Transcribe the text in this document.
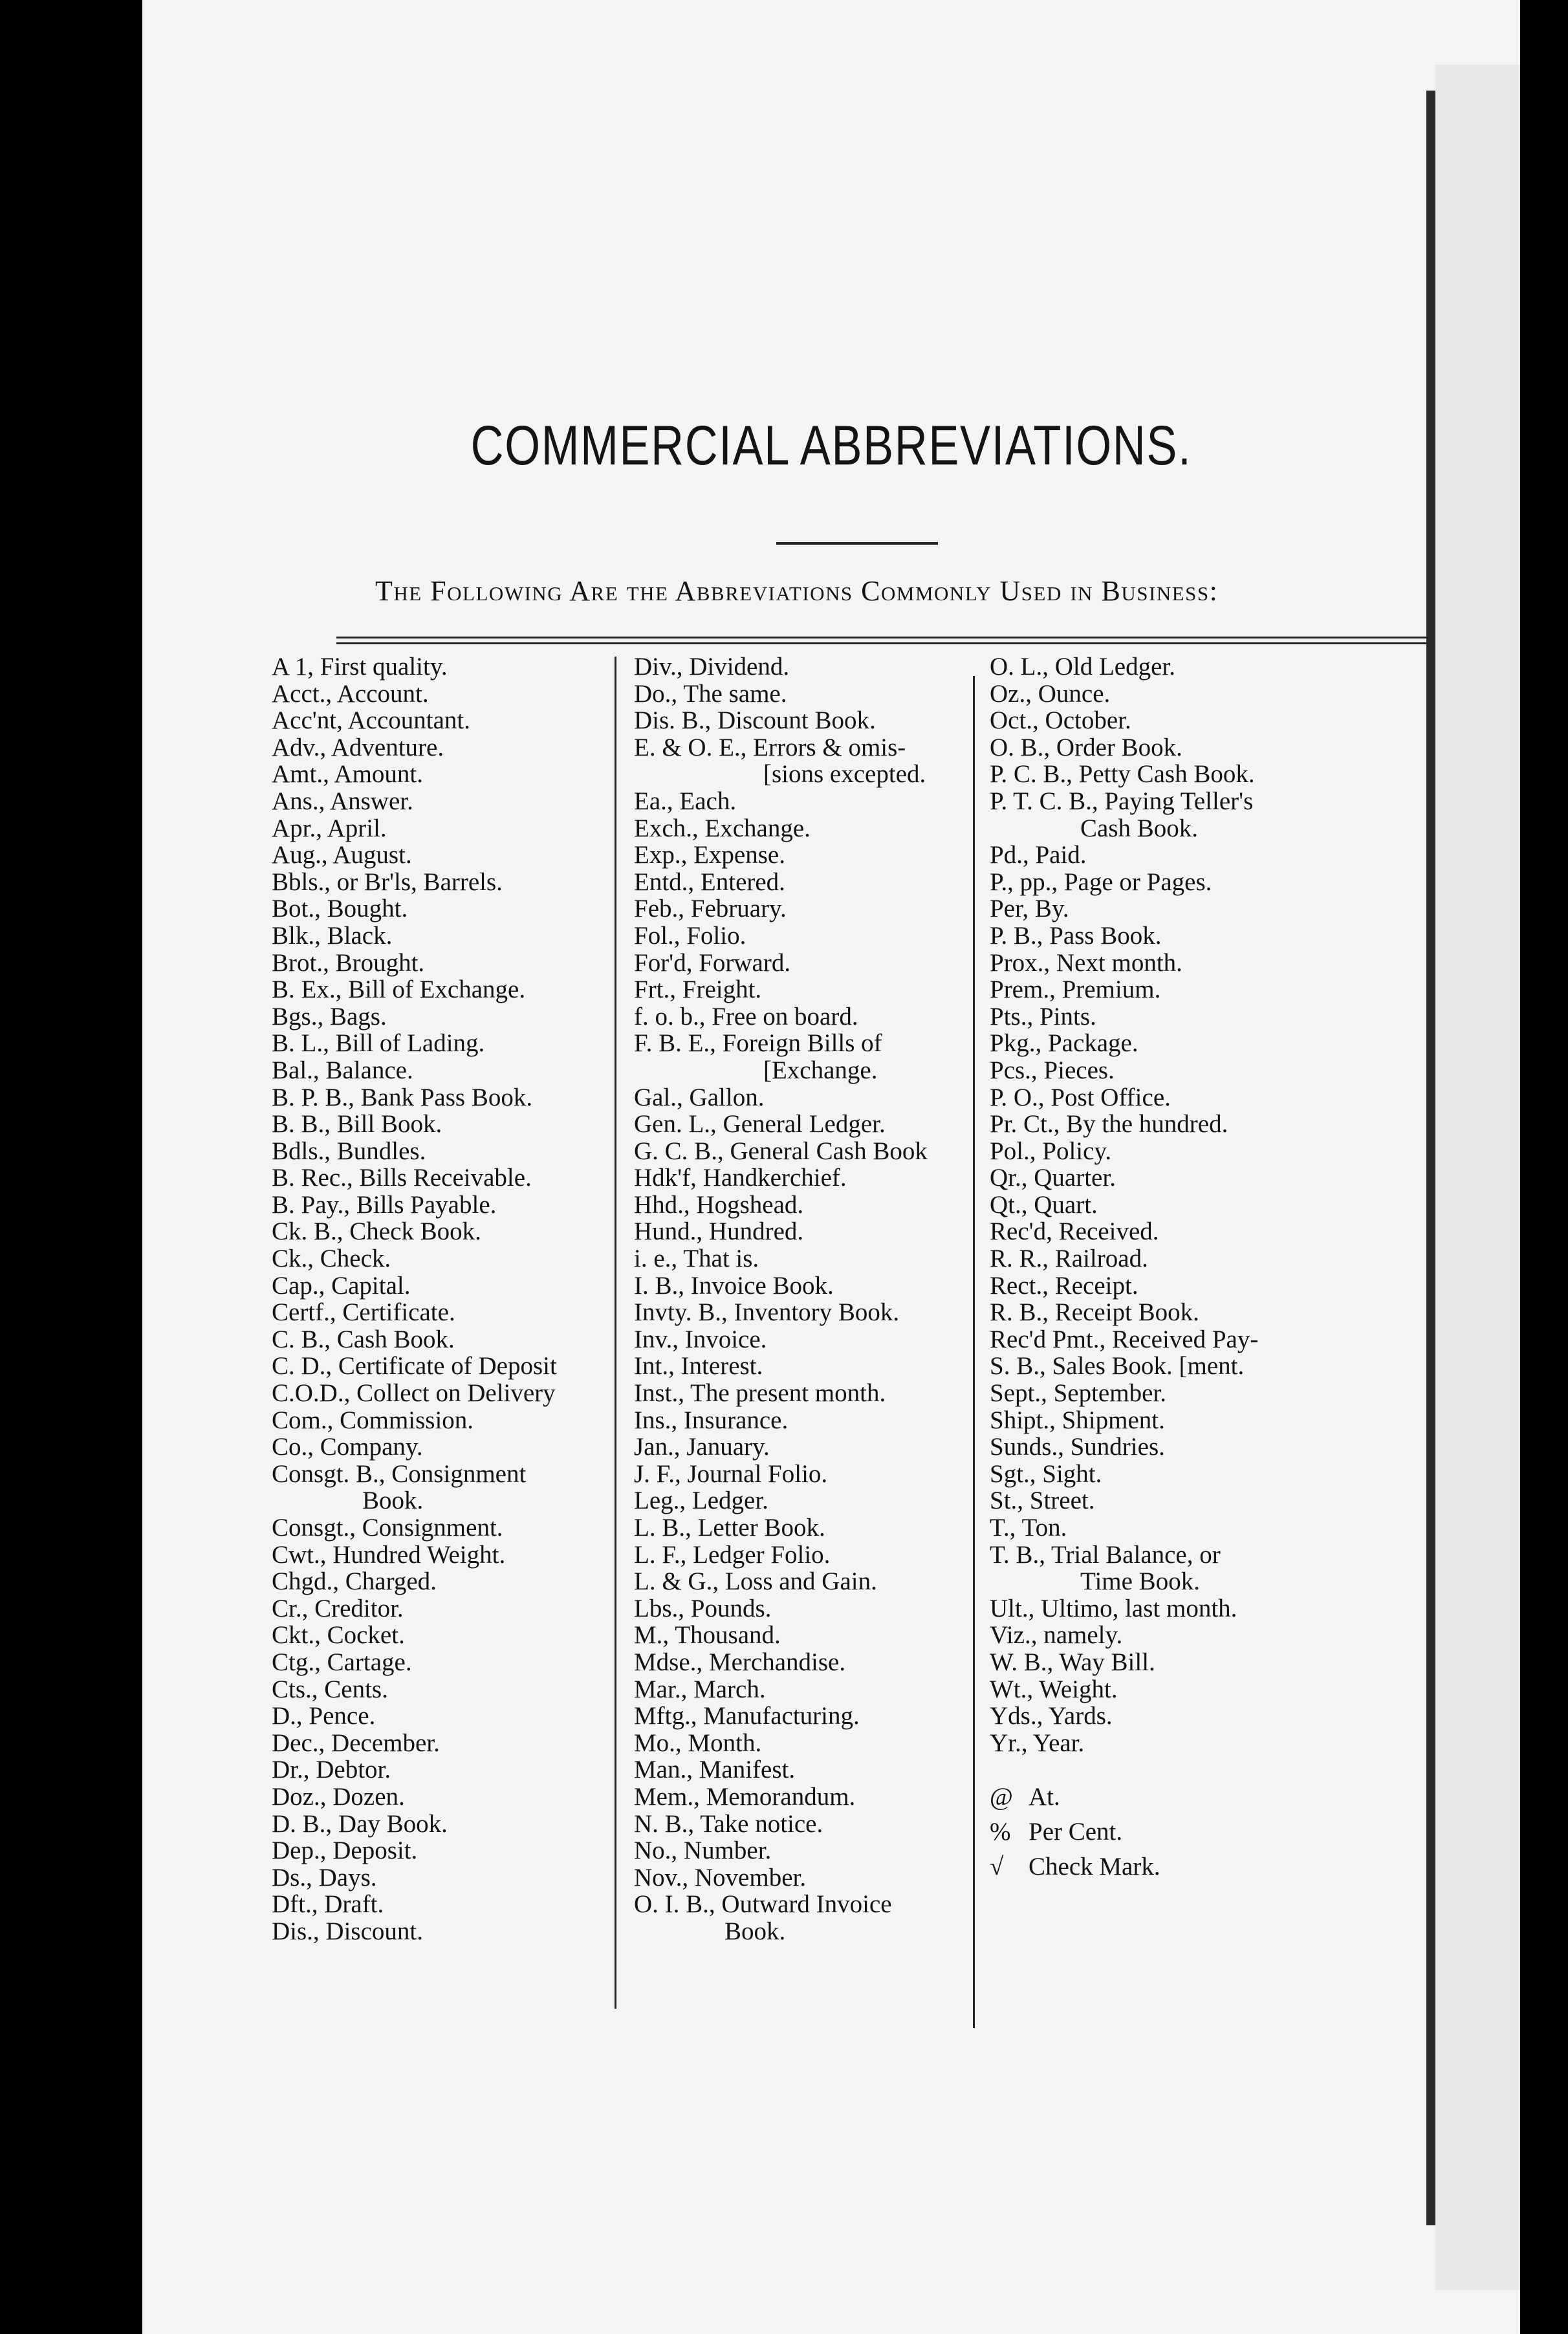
COMMERCIAL ABBREVIATIONS.
The Following Are the Abbreviations Commonly Used in Business:
A 1, First quality.
Acct., Account.
Acc'nt, Accountant.
Adv., Adventure.
Amt., Amount.
Ans., Answer.
Apr., April.
Aug., August.
Bbls., or Br'ls, Barrels.
Bot., Bought.
Blk., Black.
Brot., Brought.
B. Ex., Bill of Exchange.
Bgs., Bags.
B. L., Bill of Lading.
Bal., Balance.
B. P. B., Bank Pass Book.
B. B., Bill Book.
Bdls., Bundles.
B. Rec., Bills Receivable.
B. Pay., Bills Payable.
Ck. B., Check Book.
Ck., Check.
Cap., Capital.
Certf., Certificate.
C. B., Cash Book.
C. D., Certificate of Deposit
C.O.D., Collect on Delivery
Com., Commission.
Co., Company.
Consgt. B., Consignment
Book.
Consgt., Consignment.
Cwt., Hundred Weight.
Chgd., Charged.
Cr., Creditor.
Ckt., Cocket.
Ctg., Cartage.
Cts., Cents.
D., Pence.
Dec., December.
Dr., Debtor.
Doz., Dozen.
D. B., Day Book.
Dep., Deposit.
Ds., Days.
Dft., Draft.
Dis., Discount.
Div., Dividend.
Do., The same.
Dis. B., Discount Book.
E. & O. E., Errors & omis-
[sions excepted.
Ea., Each.
Exch., Exchange.
Exp., Expense.
Entd., Entered.
Feb., February.
Fol., Folio.
For'd, Forward.
Frt., Freight.
f. o. b., Free on board.
F. B. E., Foreign Bills of
[Exchange.
Gal., Gallon.
Gen. L., General Ledger.
G. C. B., General Cash Book
Hdk'f, Handkerchief.
Hhd., Hogshead.
Hund., Hundred.
i. e., That is.
I. B., Invoice Book.
Invty. B., Inventory Book.
Inv., Invoice.
Int., Interest.
Inst., The present month.
Ins., Insurance.
Jan., January.
J. F., Journal Folio.
Leg., Ledger.
L. B., Letter Book.
L. F., Ledger Folio.
L. & G., Loss and Gain.
Lbs., Pounds.
M., Thousand.
Mdse., Merchandise.
Mar., March.
Mftg., Manufacturing.
Mo., Month.
Man., Manifest.
Mem., Memorandum.
N. B., Take notice.
No., Number.
Nov., November.
O. I. B., Outward Invoice
Book.
O. L., Old Ledger.
Oz., Ounce.
Oct., October.
O. B., Order Book.
P. C. B., Petty Cash Book.
P. T. C. B., Paying Teller's
Cash Book.
Pd., Paid.
P., pp., Page or Pages.
Per, By.
P. B., Pass Book.
Prox., Next month.
Prem., Premium.
Pts., Pints.
Pkg., Package.
Pcs., Pieces.
P. O., Post Office.
Pr. Ct., By the hundred.
Pol., Policy.
Qr., Quarter.
Qt., Quart.
Rec'd, Received.
R. R., Railroad.
Rect., Receipt.
R. B., Receipt Book.
Rec'd Pmt., Received Pay-
S. B., Sales Book. [ment.
Sept., September.
Shipt., Shipment.
Sunds., Sundries.
Sgt., Sight.
St., Street.
T., Ton.
T. B., Trial Balance, or
Time Book.
Ult., Ultimo, last month.
Viz., namely.
W. B., Way Bill.
Wt., Weight.
Yds., Yards.
Yr., Year.
@ At.
% Per Cent.
√ Check Mark.
